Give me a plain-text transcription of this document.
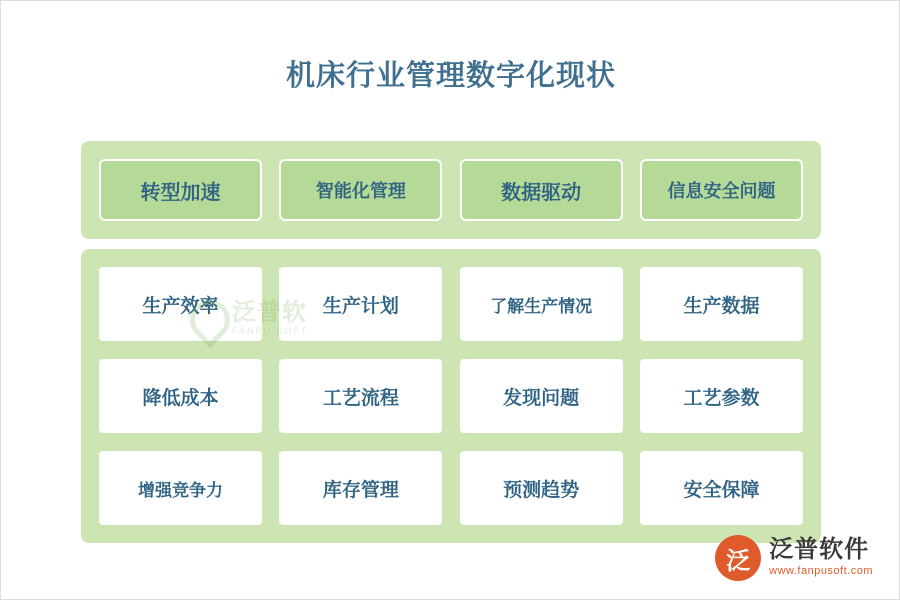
机床行业管理数字化现状
转型加速	智能化管理	数据驱动	信息安全问题
生产效率	生产计划	了解生产情况	生产数据
降低成本	工艺流程	发现问题	工艺参数
增强竞争力	库存管理	预测趋势	安全保障
泛普软
FANPU SOFT
泛 泛普软件
www.fanpusoft.com
